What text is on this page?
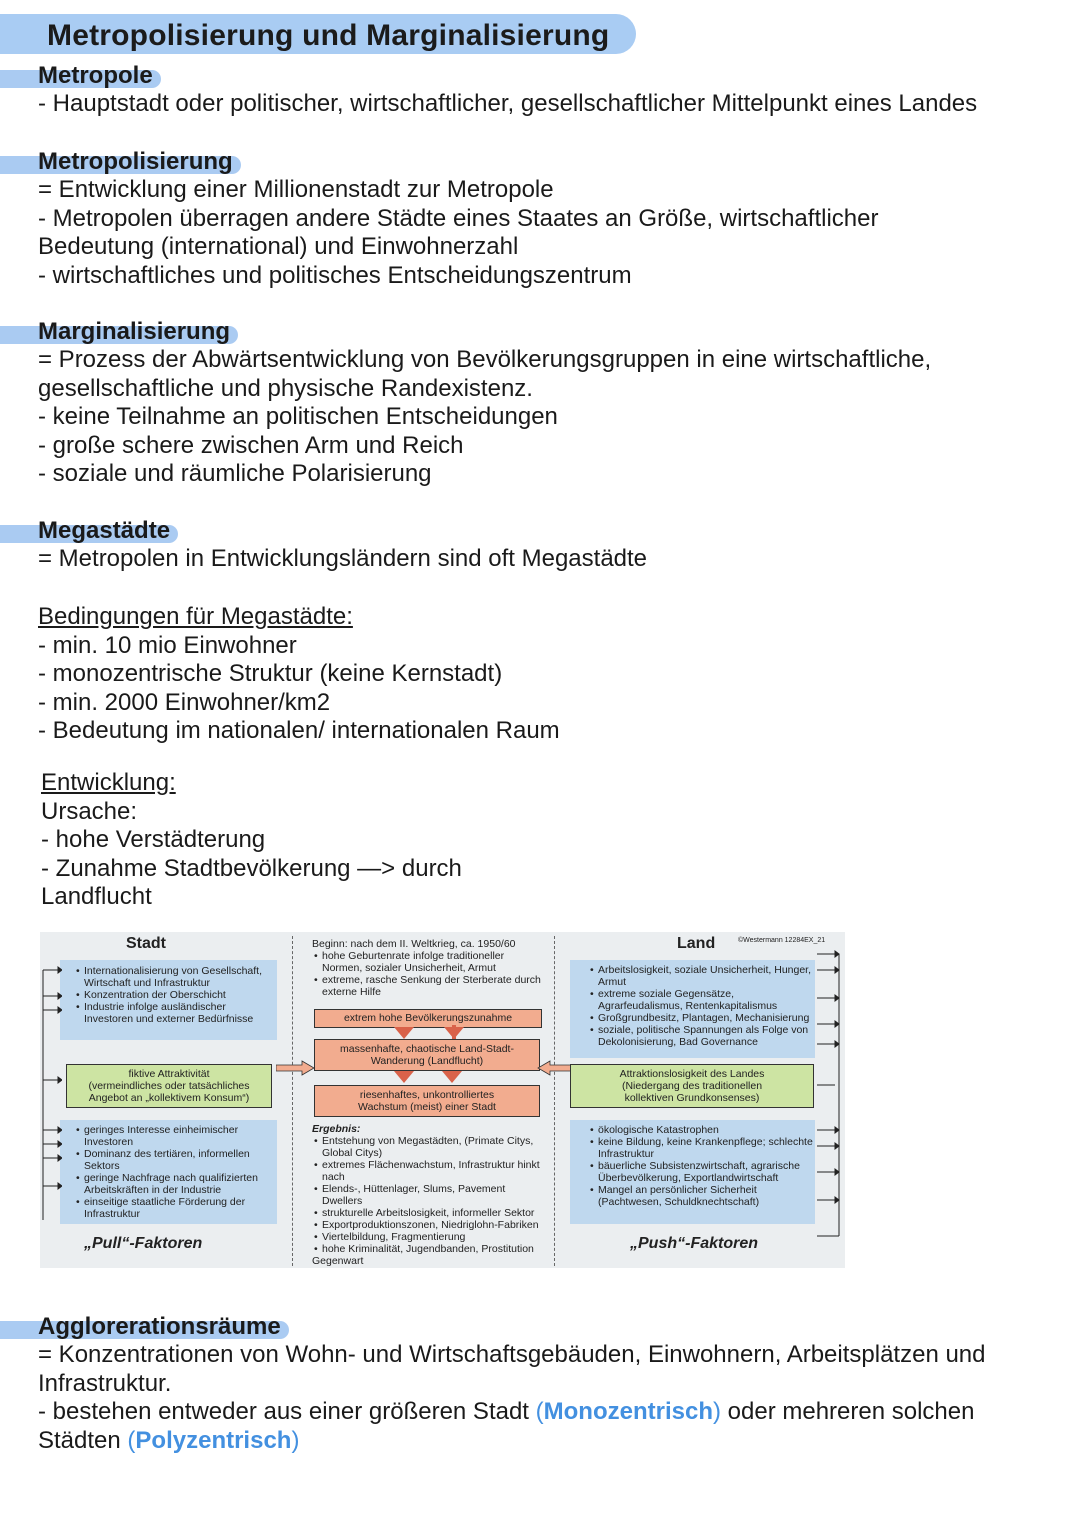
Metropolisierung und Marginalisierung
Metropole

- Hauptstadt oder politischer, wirtschaftlicher, gesellschaftlicher Mittelpunkt eines Landes

Metropolisierung

= Entwicklung einer Millionenstadt zur Metropole

- Metropolen überragen andere Städte eines Staates an Größe, wirtschaftlicher

Bedeutung (international) und Einwohnerzahl

- wirtschaftliches und politisches Entscheidungszentrum

Marginalisierung

= Prozess der Abwärtsentwicklung von Bevölkerungsgruppen in eine wirtschaftliche,

gesellschaftliche und physische Randexistenz.

- keine Teilnahme an politischen Entscheidungen

- große schere zwischen Arm und Reich

- soziale und räumliche Polarisierung

Megastädte

= Metropolen in Entwicklungsländern sind oft Megastädte

Bedingungen für Megastädte:

- min. 10 mio Einwohner

- monozentrische Struktur (keine Kernstadt)

- min. 2000 Einwohner/km2

- Bedeutung im nationalen/ internationalen Raum

Entwicklung:

Ursache:

- hohe Verstädterung

- Zunahme Stadtbevölkerung —> durch

Landflucht

Stadt
• Internationalisierung von Gesellschaft, Wirtschaft und Infrastruktur
• Konzentration der Oberschicht
• Industrie infolge ausländischer Investoren und externer Bedürfnisse
fiktive Attraktivität
(vermeindliches oder tatsächliches
Angebot an „kollektivem Konsum“)
• geringes Interesse einheimischer Investoren
• Dominanz des tertiären, informellen Sektors
• geringe Nachfrage nach qualifizierten Arbeitskräften in der Industrie
• einseitige staatliche Förderung der Infrastruktur
„Pull“-Faktoren
Beginn: nach dem II. Weltkrieg, ca. 1950/60
• hohe Geburtenrate infolge traditioneller Normen, sozialer Unsicherheit, Armut
• extreme, rasche Senkung der Sterberate durch externe Hilfe
extrem hohe Bevölkerungszunahme
massenhafte, chaotische Land-Stadt-
Wanderung (Landflucht)
riesenhaftes, unkontrolliertes
Wachstum (meist) einer Stadt
Ergebnis:
• Entstehung von Megastädten, (Primate Citys, Global Citys)
• extremes Flächenwachstum, Infrastruktur hinkt nach
• Elends-, Hüttenlager, Slums, Pavement Dwellers
• strukturelle Arbeitslosigkeit, informeller Sektor
• Exportproduktionszonen, Niedriglohn-Fabriken
• Viertelbildung, Fragmentierung
• hohe Kriminalität, Jugendbanden, Prostitution
Gegenwart
Land	©Westermann 12284EX_21
• Arbeitslosigkeit, soziale Unsicherheit, Hunger, Armut
• extreme soziale Gegensätze, Agrarfeudalismus, Rentenkapitalismus
• Großgrundbesitz, Plantagen, Mechanisierung
• soziale, politische Spannungen als Folge von Dekolonisierung, Bad Governance
Attraktionslosigkeit des Landes
(Niedergang des traditionellen
kollektiven Grundkonsenses)
• ökologische Katastrophen
• keine Bildung, keine Krankenpflege; schlechte Infrastruktur
• bäuerliche Subsistenzwirtschaft, agrarische Überbevölkerung, Exportlandwirtschaft
• Mangel an persönlicher Sicherheit (Pachtwesen, Schuldknechtschaft)
„Push“-Faktoren
Agglorerationsräume

= Konzentrationen von Wohn- und Wirtschaftsgebäuden, Einwohnern, Arbeitsplätzen und

Infrastruktur.

- bestehen entweder aus einer größeren Stadt (Monozentrisch) oder mehreren solchen

Städten (Polyzentrisch)
